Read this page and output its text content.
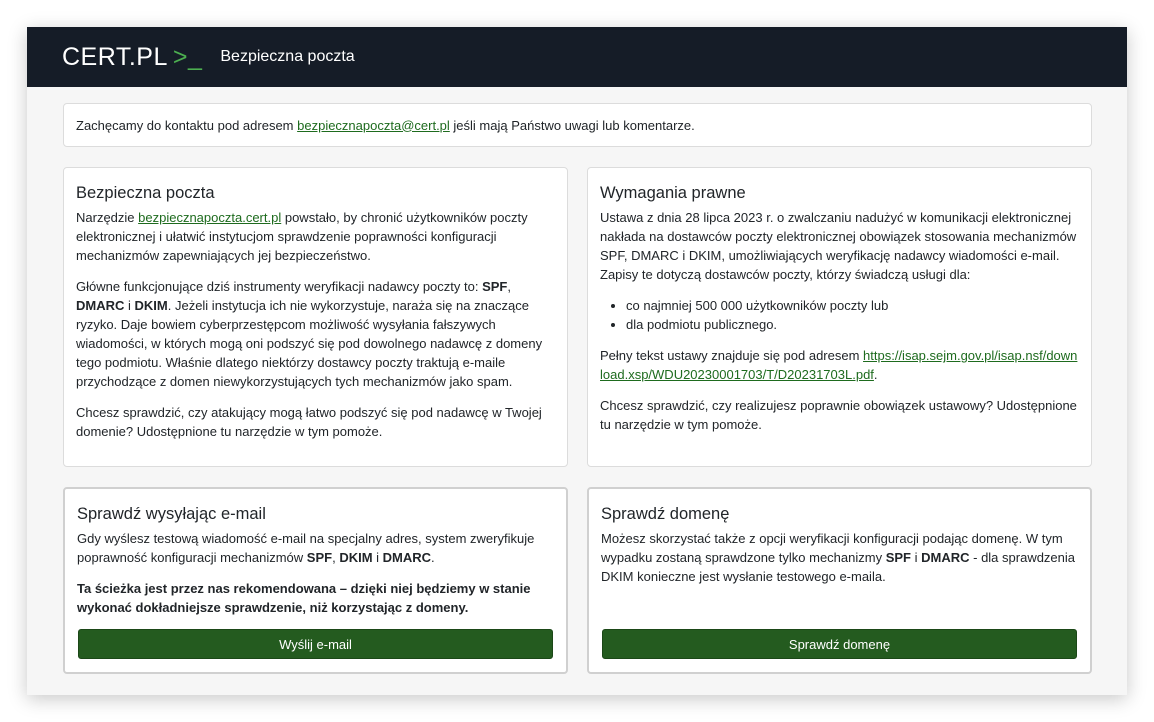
CERT.PL >_ Bezpieczna poczta
Zachęcamy do kontaktu pod adresem bezpiecznapoczta@cert.pl jeśli mają Państwo uwagi lub komentarze.
Bezpieczna poczta

Narzędzie bezpiecznapoczta.cert.pl powstało, by chronić użytkowników poczty elektronicznej i ułatwić instytucjom sprawdzenie poprawności konfiguracji mechanizmów zapewniających jej bezpieczeństwo.

Główne funkcjonujące dziś instrumenty weryfikacji nadawcy poczty to: SPF, DMARC i DKIM. Jeżeli instytucja ich nie wykorzystuje, naraża się na znaczące ryzyko. Daje bowiem cyberprzestępcom możliwość wysyłania fałszywych wiadomości, w których mogą oni podszyć się pod dowolnego nadawcę z domeny tego podmiotu. Właśnie dlatego niektórzy dostawcy poczty traktują e-maile przychodzące z domen niewykorzystujących tych mechanizmów jako spam.

Chcesz sprawdzić, czy atakujący mogą łatwo podszyć się pod nadawcę w Twojej domenie? Udostępnione tu narzędzie w tym pomoże.

Wymagania prawne

Ustawa z dnia 28 lipca 2023 r. o zwalczaniu nadużyć w komunikacji elektronicznej nakłada na dostawców poczty elektronicznej obowiązek stosowania mechanizmów SPF, DMARC i DKIM, umożliwiających weryfikację nadawcy wiadomości e-mail. Zapisy te dotyczą dostawców poczty, którzy świadczą usługi dla:

• co najmniej 500 000 użytkowników poczty lub
• dla podmiotu publicznego.

Pełny tekst ustawy znajduje się pod adresem https://isap.sejm.gov.pl/isap.nsf/download.xsp/WDU20230001703/T/D20231703L.pdf.

Chcesz sprawdzić, czy realizujesz poprawnie obowiązek ustawowy? Udostępnione tu narzędzie w tym pomoże.

Sprawdź wysyłając e-mail

Gdy wyślesz testową wiadomość e-mail na specjalny adres, system zweryfikuje poprawność konfiguracji mechanizmów SPF, DKIM i DMARC.

Ta ścieżka jest przez nas rekomendowana – dzięki niej będziemy w stanie wykonać dokładniejsze sprawdzenie, niż korzystając z domeny.

Wyślij e-mail
Sprawdź domenę

Możesz skorzystać także z opcji weryfikacji konfiguracji podając domenę. W tym wypadku zostaną sprawdzone tylko mechanizmy SPF i DMARC - dla sprawdzenia DKIM konieczne jest wysłanie testowego e-maila.

Sprawdź domenę
